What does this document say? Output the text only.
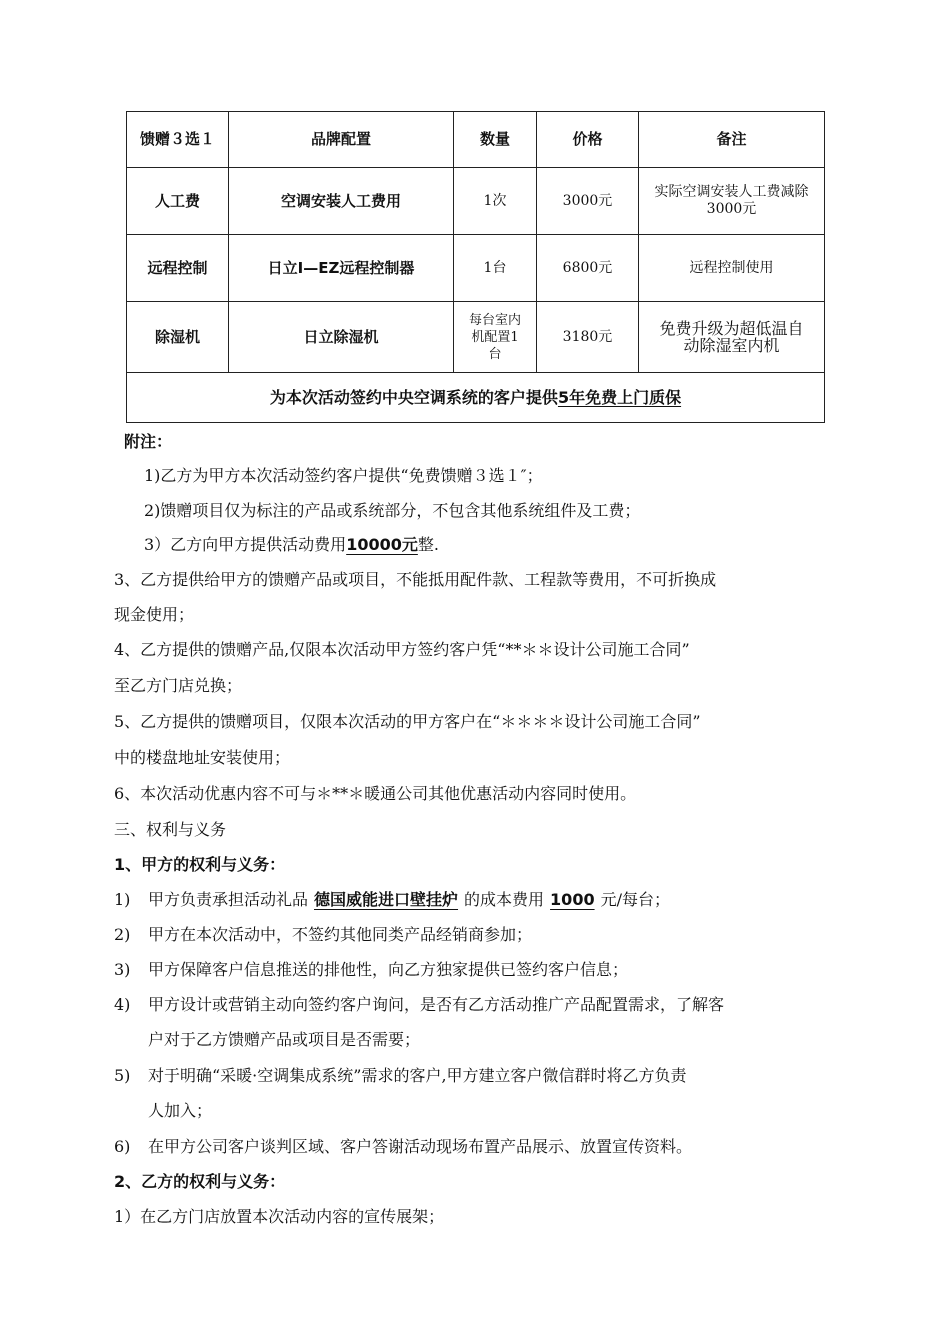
馈赠３选１	品牌配置	数量	价格	备注
人工费	空调安装人工费用	1次	3000元	实际空调安装人工费减除3000元
远程控制	日立I—EZ远程控制器	1台	6800元	远程控制使用
除湿机	日立除湿机	每台室内机配置1台	3180元	免费升级为超低温自动除湿室内机
为本次活动签约中央空调系统的客户提供5年免费上门质保				
附注：
1)乙方为甲方本次活动签约客户提供“免费馈赠３选１″；
2)馈赠项目仅为标注的产品或系统部分，不包含其他系统组件及工费；
3）乙方向甲方提供活动费用10000元整.
3、乙方提供给甲方的馈赠产品或项目，不能抵用配件款、工程款等费用，不可折换成
现金使用；
4、乙方提供的馈赠产品,仅限本次活动甲方签约客户凭“**＊＊设计公司施工合同”
至乙方门店兑换；
5、乙方提供的馈赠项目，仅限本次活动的甲方客户在“＊＊＊＊设计公司施工合同”
中的楼盘地址安装使用；
6、本次活动优惠内容不可与＊**＊暖通公司其他优惠活动内容同时使用。
三、权利与义务
1、甲方的权利与义务：
1) 甲方负责承担活动礼品 德国威能进口壁挂炉 的成本费用 1000 元/每台；
2) 甲方在本次活动中，不签约其他同类产品经销商参加；
3) 甲方保障客户信息推送的排他性，向乙方独家提供已签约客户信息；
4) 甲方设计或营销主动向签约客户询问，是否有乙方活动推广产品配置需求，了解客
户对于乙方馈赠产品或项目是否需要；
5) 对于明确“采暖·空调集成系统”需求的客户,甲方建立客户微信群时将乙方负责
人加入；
6) 在甲方公司客户谈判区域、客户答谢活动现场布置产品展示、放置宣传资料。
2、乙方的权利与义务：
1）在乙方门店放置本次活动内容的宣传展架；
